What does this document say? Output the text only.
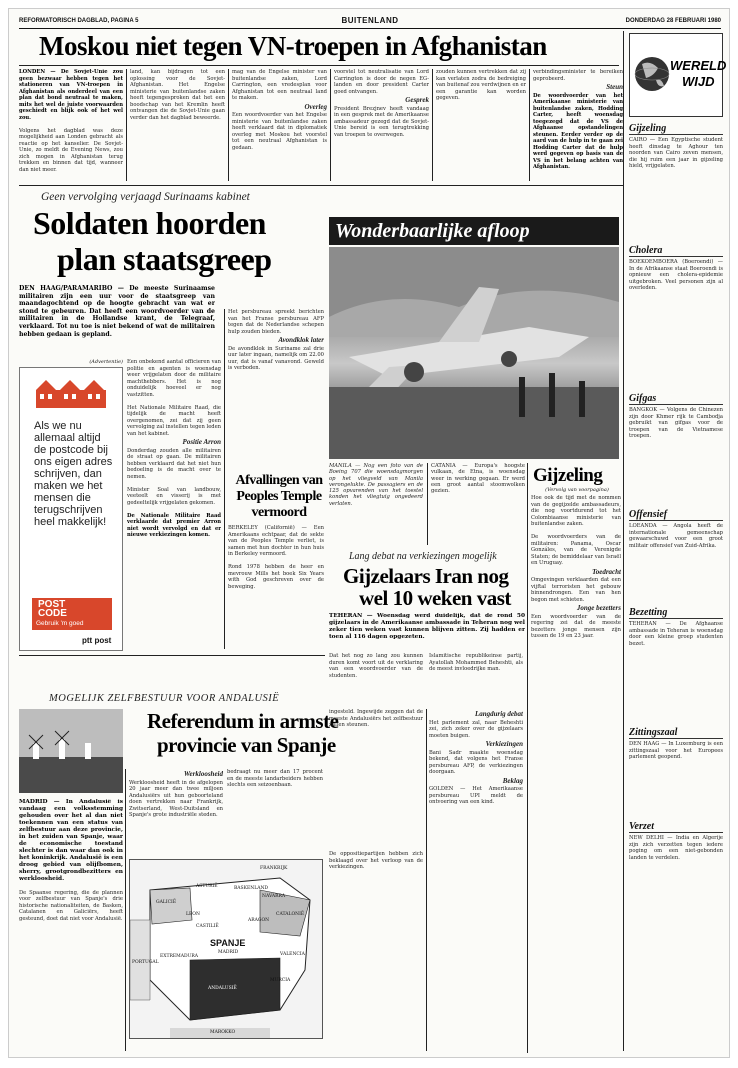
REFORMATORISCH DAGBLAD, PAGINA 5	BUITENLAND	DONDERDAG 28 FEBRUARI 1980
Moskou niet tegen VN-troepen in Afghanistan
LONDEN — De Sovjet-Unie zou geen bezwaar hebben tegen het stationeren van VN-troepen in Afghanistan als onderdeel van een plan dat bond neutraal te maken, mits het wel de juiste voorwaarden geschiedt en blijk ook of het wel zou.

Volgens het dagblad was deze mogelijkheid aan Londen gebracht als reactie op het kanselier. De Sovjet-Unie, zo meldt de Evening News, zou zich mogen in Afghanistan terug trekken en binnen dat tijd, wanneer dan niet meer.
land, kan bijdragen tot een oplossing voor de Sovjet-Afghanistan. Het Engelse ministerie van buitenlandse zaken heeft tegengesproken dat het een boodschap van het Kremlin heeft ontvangen die de Sovjet-Unie gaan verder dan het dagblad beweerde.
mag van de Engelse minister van buitenlandse zaken, Lord Carrington, een vredesplan voor Afghanistan tot een neutraal land te maken.
Overleg
Een woordvoerder van het Engelse ministerie van buitenlandse zaken heeft verklaard dat in diplomatiek overleg met Moskou het voorstel tot een neutraal Afghanistan is gedaan.
voorstel tot neutralisatie van Lord Carrington is door de negen EG-landen en door president Carter goed ontvangen.
Gesprek
President Brezjnev heeft vandaag in een gesprek met de Amerikaanse ambassadeur gezegd dat de Sovjet-Unie bereid is een terugtrekking van troepen te overwegen.
zouden kunnen vertrekken dat zij kan verlaten zodra de bedreiging van buitenaf zou verdwijnen en er een garantie kan worden gegeven.
verbindingsminister te bereiken geprobeerd.
Steun
De woordvoerder van het Amerikaanse ministerie van buitenlandse zaken, Hodding Carter, heeft woensdag toegezegd dat de VS de Afghaanse opstandelingen steunen. Eerder verder op de aard van de hulp in te gaan zei Hodding Carter dat de hulp werd gegeven op basis van de VS in het belang achten van Afghanistan.
WERELD
WIJD
Gijzeling
CAIRO — Een Egyptische student heeft dinsdag te Aghour ten noorden van Cairo zeven mensen, die hij ruim een jaar in gijzeling hield, vrijgelaten.
Cholera
BOEKOEMBOERA (Boeroendi) — In de Afrikaanse staat Boeroendi is opnieuw een cholera-epidemie uitgebroken. Veel personen zijn al overleden.
Gifgas
BANGKOK — Volgens de Chinezen zijn door Khmer rijk te Cambodja gebruikt van gifgas voor de troepen van de Vietnamese troepen.
Offensief
LOEANDA — Angola heeft de internationale gemeenschap gewaarschuwd voor een groot militair offensief van Zuid-Afrika.
Bezetting
TEHERAN — De Afghaanse ambassade in Teheran is woensdag door een kleine groep studenten bezet.
Zittingszaal
DEN HAAG — In Luxemburg is een zittingszaal voor het Europees parlement geopend.
Verzet
NEW DELHI — India en Algerije zijn zich verzetten tegen iedere poging om een niet-gebonden landen te verdelen.
Geen vervolging verjaagd Surinaams kabinet
Soldaten hoorden
plan staatsgreep
DEN HAAG/PARAMARIBO — De meeste Surinaamse militairen zijn een uur voor de staatsgreep van maandagochtend op de hoogte gebracht van wat er stond te gebeuren. Dat heeft een woordvoerder van de militairen in de Hollandse krant, de Telegraaf, verklaard. Tot nu toe is niet bekend of wat de militairen hebben gedaan is gepland.
(Advertentie)
Als we nu
allemaal altijd
de postcode bij
ons eigen adres
schrijven, dan
maken we het
mensen die
terugschrijven
heel makkelijk!
POST
CODE
Gebruik 'm goed
ptt post
Een onbekend aantal officieren van politie en agenten is woensdag weer vrijgelaten door de militaire machthebbers. Het is nog onduidelijk hoeveel er nog vastzitten.

Het Nationale Militaire Raad, die tijdelijk de macht heeft overgenomen, zei dat zij geen vervolging zal instellen tegen leden van het kabinet.
Positie Arron
Donderdag zouden alle militairen de straat op gaan. De militairen hebben verklaard dat het niet hun bedoeling is de macht over te nemen.

Minister Soal van landbouw, veeteelt en visserij is met gedeeltelijk vrijgelaten gekomen.

De Nationale Militaire Raad verklaarde dat premier Arron niet wordt vervolgd en dat er nieuwe verkiezingen komen.
Het persbureau spreekt berichten van het Franse persbureau AFP tegen dat de Nederlandse schepen hulp zouden bieden.
Avondklok later
De avondklok in Suriname zal drie uur later ingaan, namelijk om 22.00 uur, dat is vanaf vanavond. Geweld is verboden.
Afvallingen van
Peoples Temple
vermoord
BERKELEY (Californië) — Een Amerikaans echtpaar, dat de sekte van de Peoples Temple verliet, is samen met hun dochter in hun huis in Berkeley vermoord.

Rond 1978 hebben de heer en mevrouw Mills het boek Six Years with God geschreven over de beweging.
Wonderbaarlijke afloop
MANILA — Nog een foto van de Boeing 707 die woensdagmorgen op het vliegveld van Manila verongelukte. De passagiers en de 125 opvarenden van het toestel konden het vliegtuig ongedeerd verlaten.
CATANIA — Europa's hoogste vulkaan, de Etna, is woensdag weer in werking gegaan. Er werd een groot aantal stoomwolken gezien.
Gijzeling
(Vervolg van voorpagina)
Hoe ook de tijd met de nommen van de gegijzelde ambassadeurs, die nog voortdurend tot het Colombiaanse ministerie van buitenlandse zaken.

De woordvoerders van de militairen: Panama, Oscar Gonzáles, van de Verenigde Staten; de bemiddelaar van Israël en Uruguay.
Toedracht
Omgevingen verklaarden dat een vijftal terroristen het gebouw binnendrongen. Een van hen begon met schieten.
Jonge bezetters
Een woordvoerder van de regering zei dat de meeste bezetters jonge mensen zijn tussen de 19 en 23 jaar.
Lang debat na verkiezingen mogelijk
Gijzelaars Iran nog
wel 10 weken vast
TEHERAN — Woensdag werd duidelijk, dat de rond 50 gijzelaars in de Amerikaanse ambassade in Teheran nog wel zeker tien weken vast kunnen blijven zitten. Zij hadden er toen al 116 dagen opgezeten.
Dat het nog zo lang zou kunnen duren komt voort uit de verklaring van een woordvoerder van de studenten.
Islamitische republikeinse partij, Ayatollah Mohammed Beheshti, als de meest invloedrijke man.
MOGELIJK ZELFBESTUUR VOOR ANDALUSIË
Referendum in armste
provincie van Spanje
MADRID — In Andalusië is vandaag een volksstemming gehouden over het al dan niet toekennen van een status van zelfbestuur aan deze provincie, in het zuiden van Spanje, waar de economische toestand slechter is dan waar dan ook in het koninkrijk. Andalusië is een droog gebied van olijfbomen, sherry, grootgrondbezitters en werkloosheid.

De Spaanse regering, die de plannen voor zelfbestuur van Spanje's drie historische nationaliteiten, de Basken, Catalanen en Galiciërs, heeft gesteund, doet dat niet voor Andalusië.
Werkloosheid
Werkloosheid heeft in de afgelopen 20 jaar meer dan twee miljoen Andalusiërs uit hun geboorteland doen vertrekken naar Frankrijk, Zwitserland, West-Duitsland en Spanje's grote industriële steden.
bedraagt nu meer dan 17 procent en de meeste landarbeiders hebben slechts een seizoenbaan.
ingesteld. Ingewijde zeggen dat de meeste Andalusiërs het zelfbestuur zullen steunen.
SPANJE
GALICIË
ASTURIË	BASKENLAND
NAVARRA
CATALONIË
ARAGON
LEON
CASTILIË
MADRID
EXTREMADURA	VALENCIA
ANDALUSIË
MURCIA
FRANKRIJK
PORTUGAL
MAROKKO
De oppositiepartijen hebben zich beklaagd over het verloop van de verkiezingen.
Langdurig debat
Het parlement zal, naar Beheshti zei, zich zeker over de gijzelaars moeten buigen.
Verkiezingen
Bani Sadr maakte woensdag bekend, dat volgens het Franse persbureau AFP, de verkiezingen doorgaan.
Beklag
GOLDEN — Het Amerikaanse persbureau UPI meldt de ontvoering van een kind.
